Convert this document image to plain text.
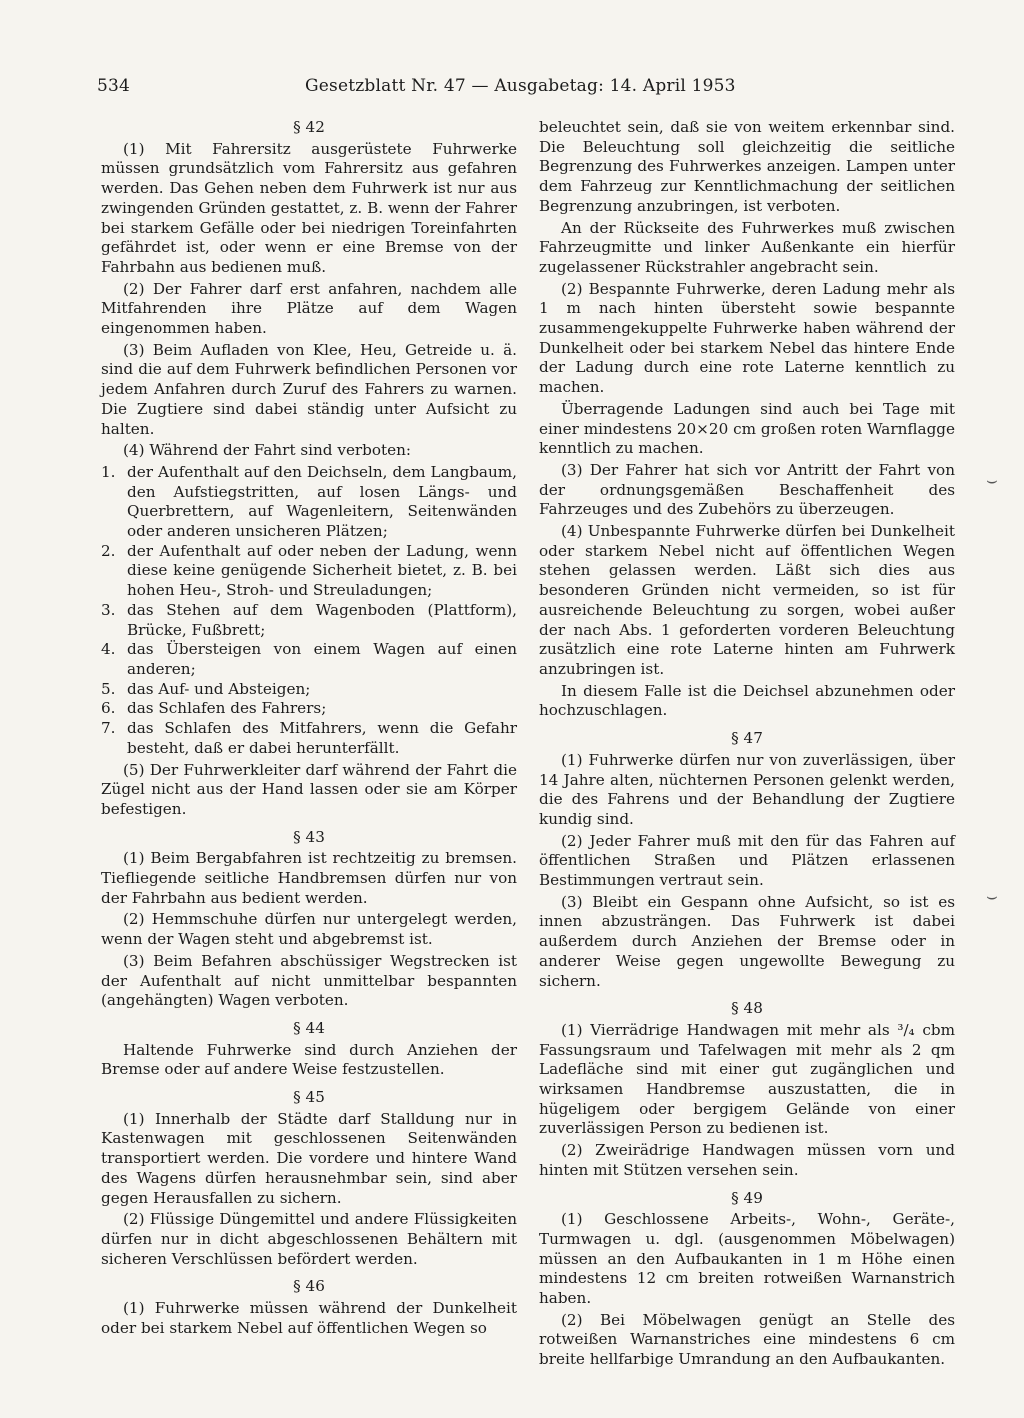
534	Gesetzblatt Nr. 47 — Ausgabetag: 14. April 1953
§ 42
(1) Mit Fahrersitz ausgerüstete Fuhrwerke müssen grundsätzlich vom Fahrersitz aus gefahren werden. Das Gehen neben dem Fuhrwerk ist nur aus zwingenden Gründen gestattet, z. B. wenn der Fahrer bei starkem Gefälle oder bei niedrigen Toreinfahrten gefährdet ist, oder wenn er eine Bremse von der Fahrbahn aus bedienen muß.
(2) Der Fahrer darf erst anfahren, nachdem alle Mitfahrenden ihre Plätze auf dem Wagen eingenommen haben.
(3) Beim Aufladen von Klee, Heu, Getreide u. ä. sind die auf dem Fuhrwerk befindlichen Personen vor jedem Anfahren durch Zuruf des Fahrers zu warnen. Die Zugtiere sind dabei ständig unter Aufsicht zu halten.
(4) Während der Fahrt sind verboten:
1. der Aufenthalt auf den Deichseln, dem Langbaum, den Aufstiegstritten, auf losen Längs- und Querbrettern, auf Wagenleitern, Seitenwänden oder anderen unsicheren Plätzen;
2. der Aufenthalt auf oder neben der Ladung, wenn diese keine genügende Sicherheit bietet, z. B. bei hohen Heu-, Stroh- und Streuladungen;
3. das Stehen auf dem Wagenboden (Plattform), Brücke, Fußbrett;
4. das Übersteigen von einem Wagen auf einen anderen;
5. das Auf- und Absteigen;
6. das Schlafen des Fahrers;
7. das Schlafen des Mitfahrers, wenn die Gefahr besteht, daß er dabei herunterfällt.
(5) Der Fuhrwerkleiter darf während der Fahrt die Zügel nicht aus der Hand lassen oder sie am Körper befestigen.
§ 43
(1) Beim Bergabfahren ist rechtzeitig zu bremsen. Tiefliegende seitliche Handbremsen dürfen nur von der Fahrbahn aus bedient werden.
(2) Hemmschuhe dürfen nur untergelegt werden, wenn der Wagen steht und abgebremst ist.
(3) Beim Befahren abschüssiger Wegstrecken ist der Aufenthalt auf nicht unmittelbar bespannten (angehängten) Wagen verboten.
§ 44
Haltende Fuhrwerke sind durch Anziehen der Bremse oder auf andere Weise festzustellen.
§ 45
(1) Innerhalb der Städte darf Stalldung nur in Kastenwagen mit geschlossenen Seitenwänden transportiert werden. Die vordere und hintere Wand des Wagens dürfen herausnehmbar sein, sind aber gegen Herausfallen zu sichern.
(2) Flüssige Düngemittel und andere Flüssigkeiten dürfen nur in dicht abgeschlossenen Behältern mit sicheren Verschlüssen befördert werden.
§ 46
(1) Fuhrwerke müssen während der Dunkelheit oder bei starkem Nebel auf öffentlichen Wegen so
beleuchtet sein, daß sie von weitem erkennbar sind. Die Beleuchtung soll gleichzeitig die seitliche Begrenzung des Fuhrwerkes anzeigen. Lampen unter dem Fahrzeug zur Kenntlichmachung der seitlichen Begrenzung anzubringen, ist verboten.
An der Rückseite des Fuhrwerkes muß zwischen Fahrzeugmitte und linker Außenkante ein hierfür zugelassener Rückstrahler angebracht sein.
(2) Bespannte Fuhrwerke, deren Ladung mehr als 1 m nach hinten übersteht sowie bespannte zusammengekuppelte Fuhrwerke haben während der Dunkelheit oder bei starkem Nebel das hintere Ende der Ladung durch eine rote Laterne kenntlich zu machen.
Überragende Ladungen sind auch bei Tage mit einer mindestens 20×20 cm großen roten Warnflagge kenntlich zu machen.
(3) Der Fahrer hat sich vor Antritt der Fahrt von der ordnungsgemäßen Beschaffenheit des Fahrzeuges und des Zubehörs zu überzeugen.
(4) Unbespannte Fuhrwerke dürfen bei Dunkelheit oder starkem Nebel nicht auf öffentlichen Wegen stehen gelassen werden. Läßt sich dies aus besonderen Gründen nicht vermeiden, so ist für ausreichende Beleuchtung zu sorgen, wobei außer der nach Abs. 1 geforderten vorderen Beleuchtung zusätzlich eine rote Laterne hinten am Fuhrwerk anzubringen ist.
In diesem Falle ist die Deichsel abzunehmen oder hochzuschlagen.
§ 47
(1) Fuhrwerke dürfen nur von zuverlässigen, über 14 Jahre alten, nüchternen Personen gelenkt werden, die des Fahrens und der Behandlung der Zugtiere kundig sind.
(2) Jeder Fahrer muß mit den für das Fahren auf öffentlichen Straßen und Plätzen erlassenen Bestimmungen vertraut sein.
(3) Bleibt ein Gespann ohne Aufsicht, so ist es innen abzusträngen. Das Fuhrwerk ist dabei außerdem durch Anziehen der Bremse oder in anderer Weise gegen ungewollte Bewegung zu sichern.
§ 48
(1) Vierrädrige Handwagen mit mehr als ³/₄ cbm Fassungsraum und Tafelwagen mit mehr als 2 qm Ladefläche sind mit einer gut zugänglichen und wirksamen Handbremse auszustatten, die in hügeligem oder bergigem Gelände von einer zuverlässigen Person zu bedienen ist.
(2) Zweirädrige Handwagen müssen vorn und hinten mit Stützen versehen sein.
§ 49
(1) Geschlossene Arbeits-, Wohn-, Geräte-, Turmwagen u. dgl. (ausgenommen Möbelwagen) müssen an den Aufbaukanten in 1 m Höhe einen mindestens 12 cm breiten rotweißen Warnanstrich haben.
(2) Bei Möbelwagen genügt an Stelle des rotweißen Warnanstriches eine mindestens 6 cm breite hellfarbige Umrandung an den Aufbaukanten.
⌣
⌣
